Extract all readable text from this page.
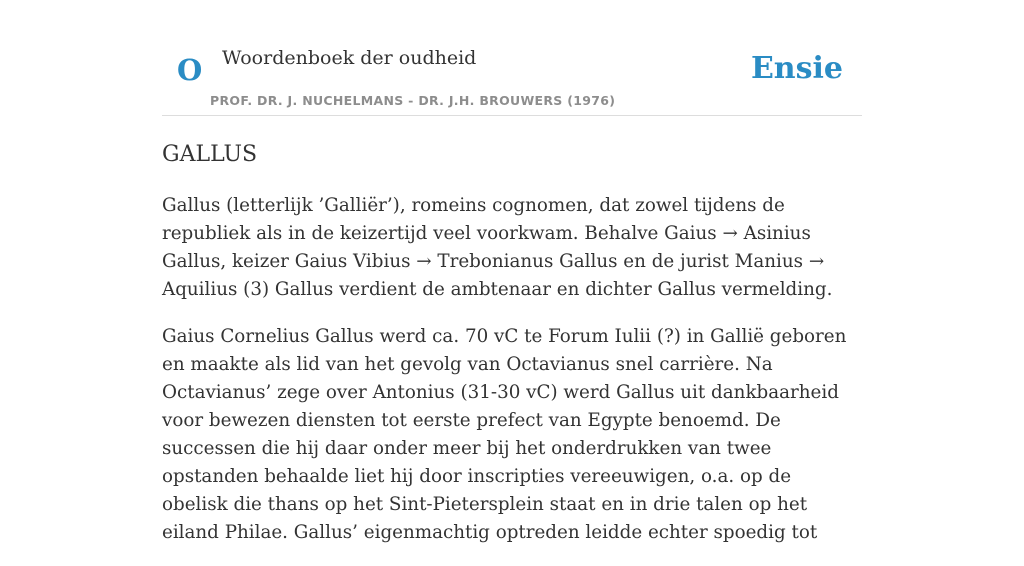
O Woordenboek der oudheid
PROF. DR. J. NUCHELMANS - DR. J.H. BROUWERS (1976)
Ensie
GALLUS

Gallus (letterlijk ’Galliër’), romeins cognomen, dat zowel tijdens de republiek als in de keizertijd veel voorkwam. Behalve Gaius → Asinius Gallus, keizer Gaius Vibius → Trebonianus Gallus en de jurist Manius → Aquilius (3) Gallus verdient de ambtenaar en dichter Gallus vermelding.

Gaius Cornelius Gallus werd ca. 70 vC te Forum Iulii (?) in Gallië geboren en maakte als lid van het gevolg van Octavianus snel carrière. Na Octavianus’ zege over Antonius (31-30 vC) werd Gallus uit dankbaarheid voor bewezen diensten tot eerste prefect van Egypte benoemd. De successen die hij daar onder meer bij het onderdrukken van twee opstanden behaalde liet hij door inscripties vereeuwigen, o.a. op de obelisk die thans op het Sint-Pietersplein staat en in drie talen op het eiland Philae. Gallus’ eigenmachtig optreden leidde echter spoedig tot
